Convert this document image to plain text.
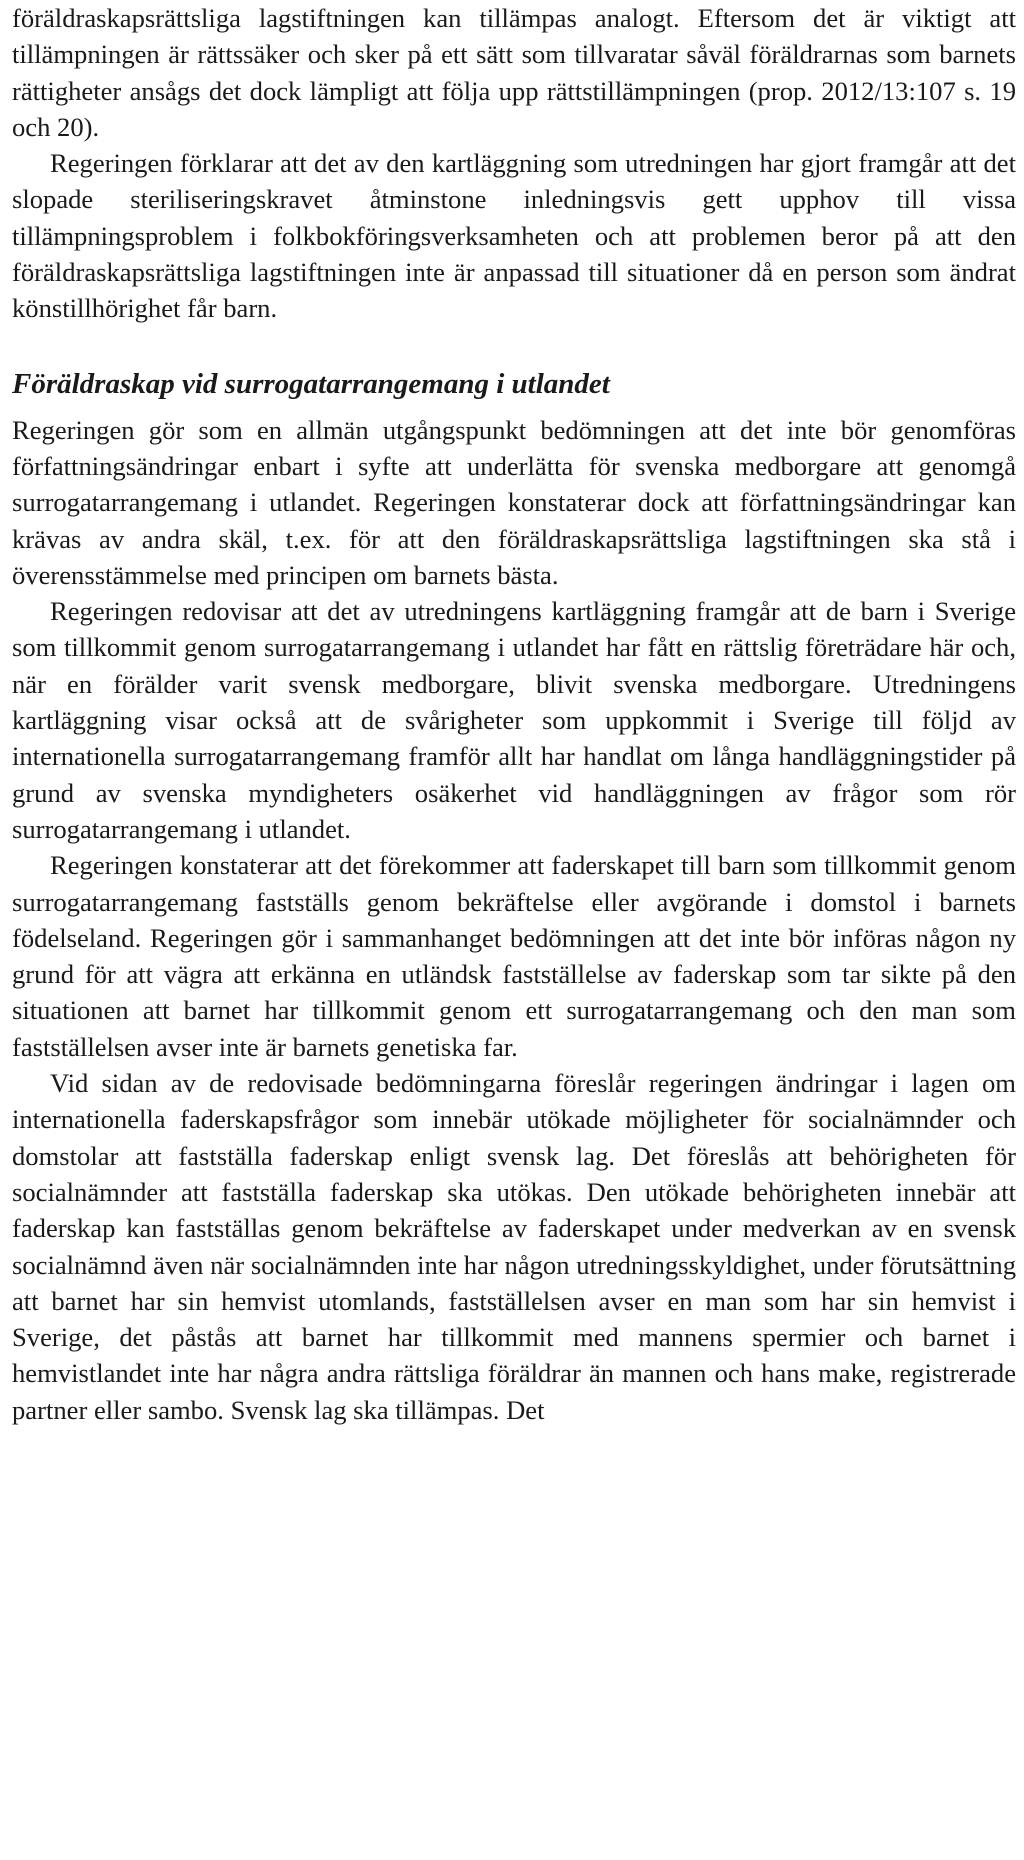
föräldraskapsrättsliga lagstiftningen kan tillämpas analogt. Eftersom det är viktigt att tillämpningen är rättssäker och sker på ett sätt som tillvaratar såväl föräldrarnas som barnets rättigheter ansågs det dock lämpligt att följa upp rättstillämpningen (prop. 2012/13:107 s. 19 och 20).

Regeringen förklarar att det av den kartläggning som utredningen har gjort framgår att det slopade steriliseringskravet åtminstone inledningsvis gett upphov till vissa tillämpningsproblem i folkbokföringsverksamheten och att problemen beror på att den föräldraskapsrättsliga lagstiftningen inte är anpassad till situationer då en person som ändrat könstillhörighet får barn.

Föräldraskap vid surrogatarrangemang i utlandet

Regeringen gör som en allmän utgångspunkt bedömningen att det inte bör genomföras författningsändringar enbart i syfte att underlätta för svenska medborgare att genomgå surrogatarrangemang i utlandet. Regeringen konstaterar dock att författningsändringar kan krävas av andra skäl, t.ex. för att den föräldraskapsrättsliga lagstiftningen ska stå i överensstämmelse med principen om barnets bästa.

Regeringen redovisar att det av utredningens kartläggning framgår att de barn i Sverige som tillkommit genom surrogatarrangemang i utlandet har fått en rättslig företrädare här och, när en förälder varit svensk medborgare, blivit svenska medborgare. Utredningens kartläggning visar också att de svårigheter som uppkommit i Sverige till följd av internationella surrogatarrangemang framför allt har handlat om långa handläggningstider på grund av svenska myndigheters osäkerhet vid handläggningen av frågor som rör surrogatarrangemang i utlandet.

Regeringen konstaterar att det förekommer att faderskapet till barn som tillkommit genom surrogatarrangemang fastställs genom bekräftelse eller avgörande i domstol i barnets födelseland. Regeringen gör i sammanhanget bedömningen att det inte bör införas någon ny grund för att vägra att erkänna en utländsk fastställelse av faderskap som tar sikte på den situationen att barnet har tillkommit genom ett surrogatarrangemang och den man som fastställelsen avser inte är barnets genetiska far.

Vid sidan av de redovisade bedömningarna föreslår regeringen ändringar i lagen om internationella faderskapsfrågor som innebär utökade möjligheter för socialnämnder och domstolar att fastställa faderskap enligt svensk lag. Det föreslås att behörigheten för socialnämnder att fastställa faderskap ska utökas. Den utökade behörigheten innebär att faderskap kan fastställas genom bekräftelse av faderskapet under medverkan av en svensk socialnämnd även när socialnämnden inte har någon utredningsskyldighet, under förutsättning att barnet har sin hemvist utomlands, fastställelsen avser en man som har sin hemvist i Sverige, det påstås att barnet har tillkommit med mannens spermier och barnet i hemvistlandet inte har några andra rättsliga föräldrar än mannen och hans make, registrerade partner eller sambo. Svensk lag ska tillämpas. Det
